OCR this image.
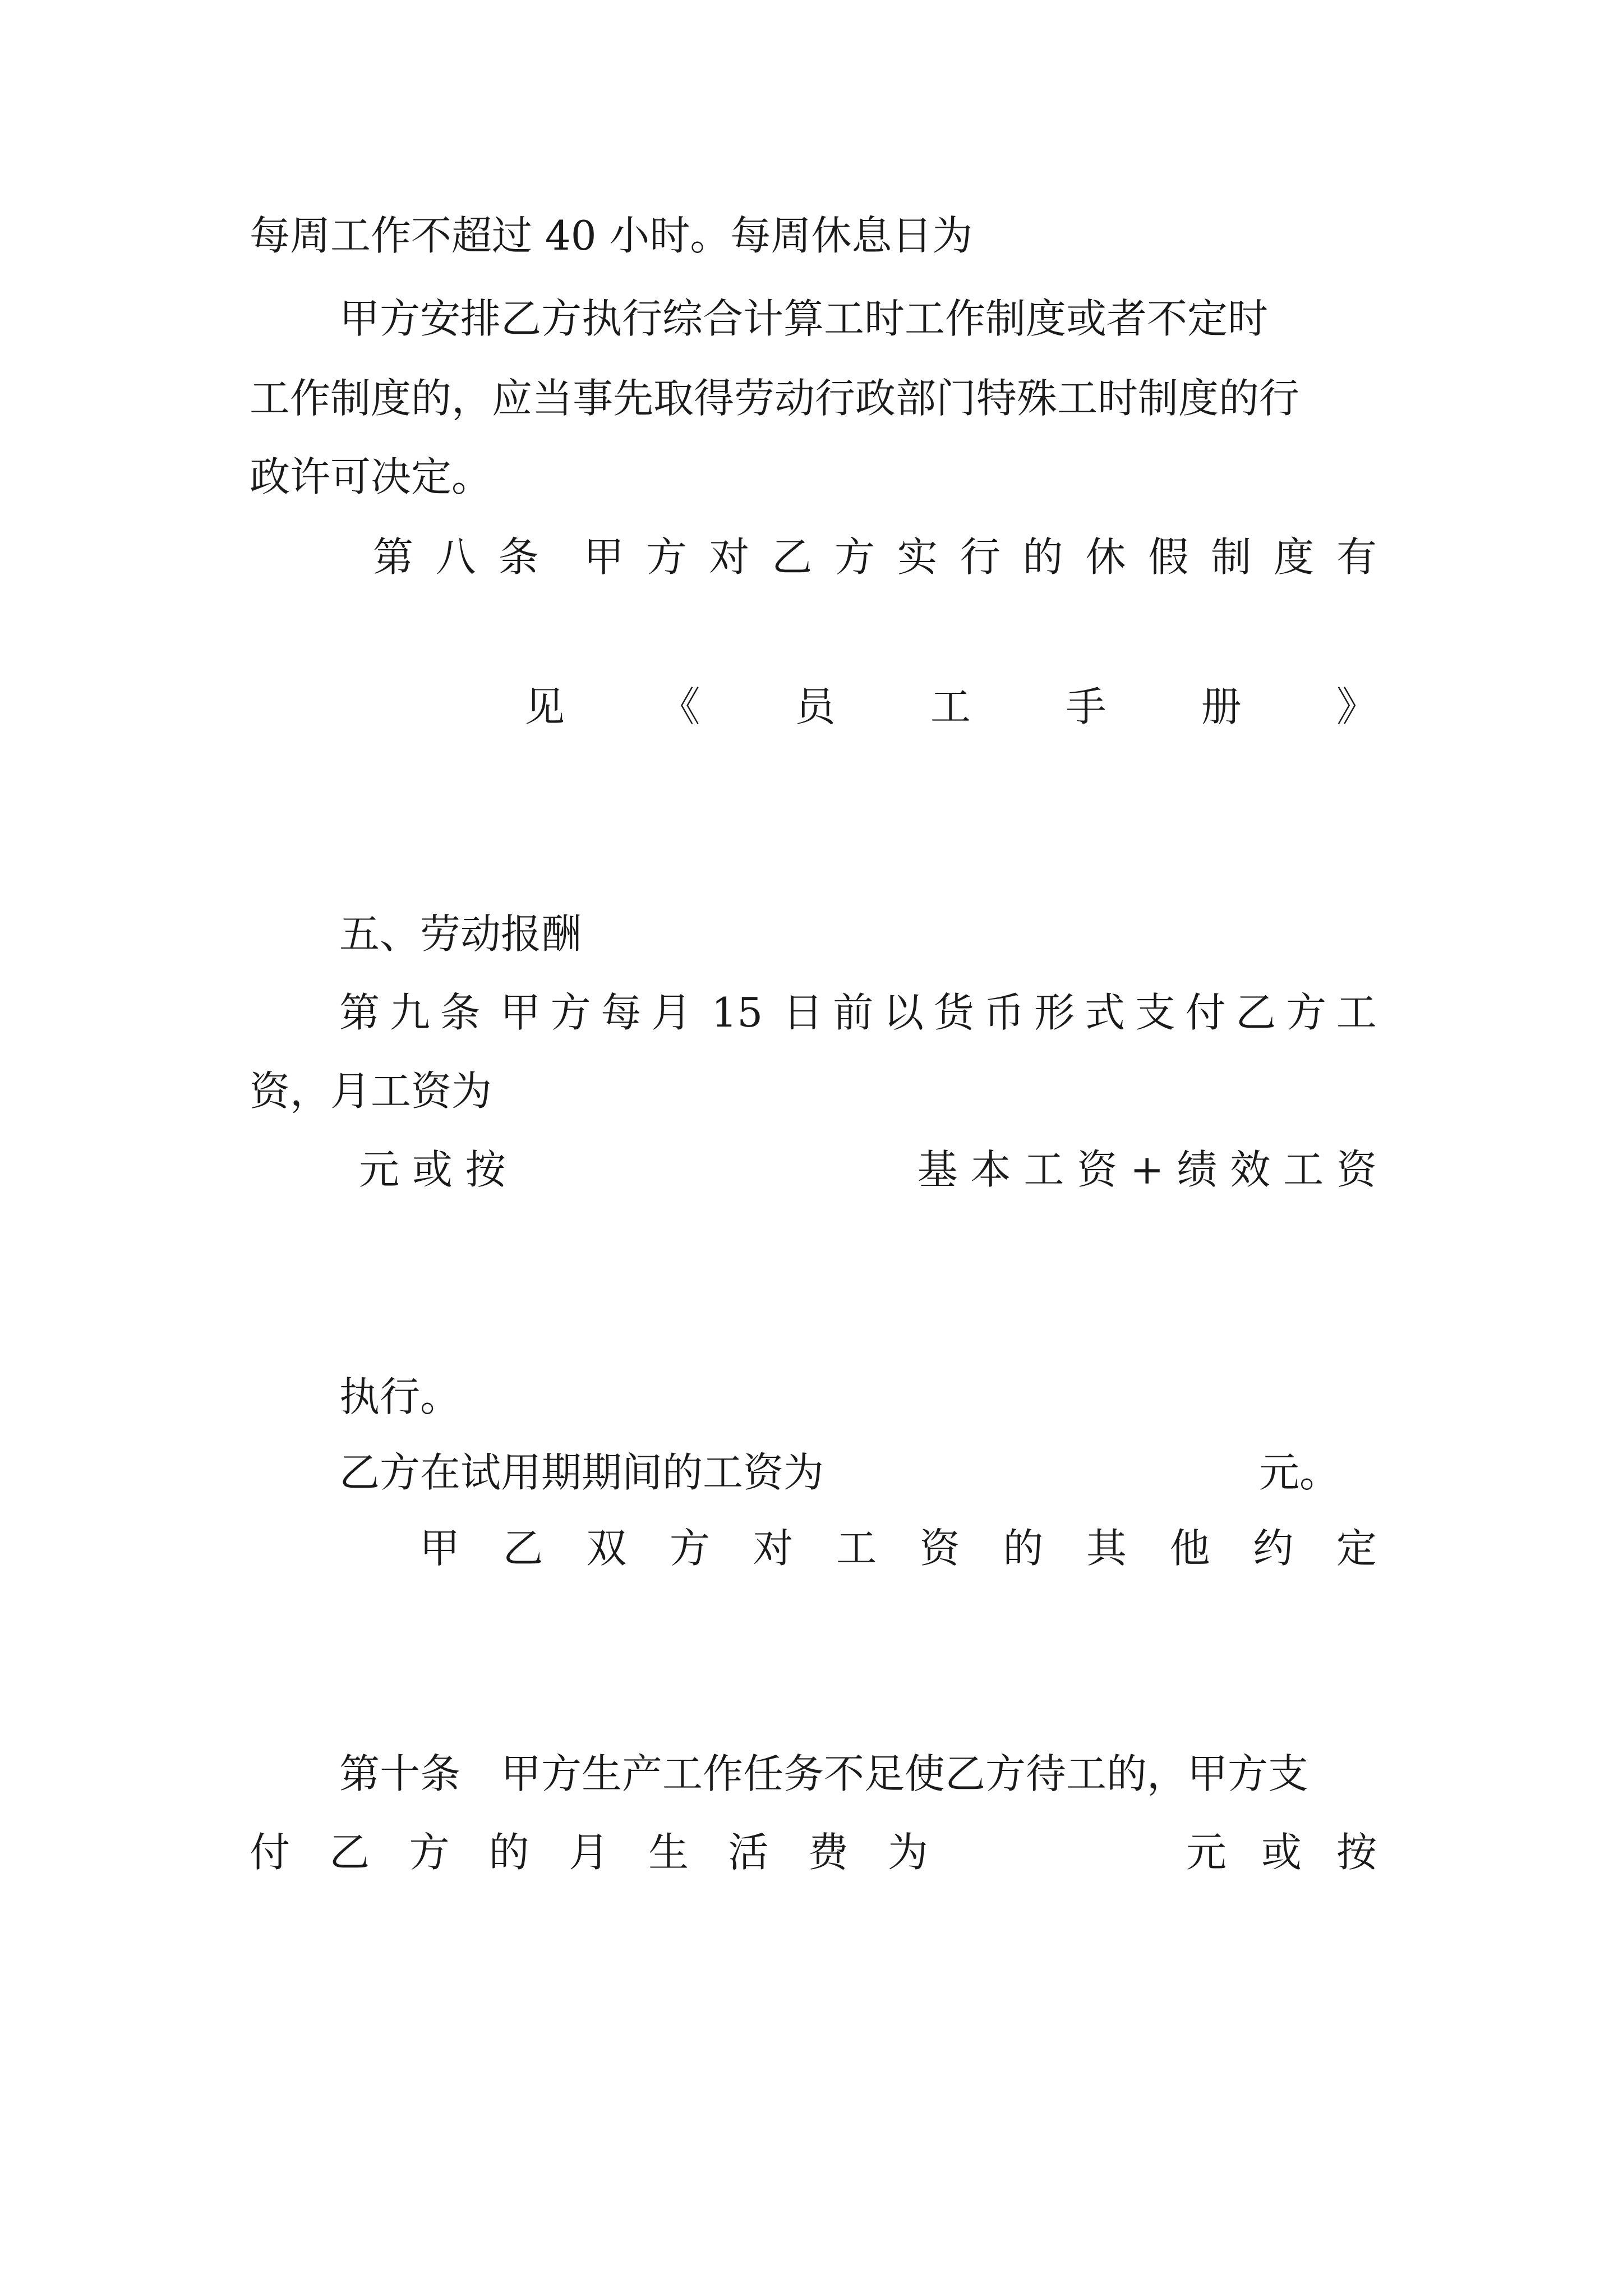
每周工作不超过 40 小时。每周休息日为

甲方安排乙方执行综合计算工时工作制度或者不定时

工作制度的，应当事先取得劳动行政部门特殊工时制度的行

政许可决定。

第 八 条 甲 方 对 乙 方 实 行 的 休 假 制 度 有
见 《 员 工 手 册 》

五、劳动报酬

第 九 条 甲 方 每 月 15 日 前 以 货 币 形 式 支 付 乙 方 工

资，月工资为

元 或 按	基 本 工 资 + 绩 效 工 资

执行。

乙方在试用期期间的工资为	元。
甲 乙 双 方 对 工 资 的 其 他 约 定

第十条　甲方生产工作任务不足使乙方待工的，甲方支

付 乙 方 的 月 生 活 费 为	元 或 按
